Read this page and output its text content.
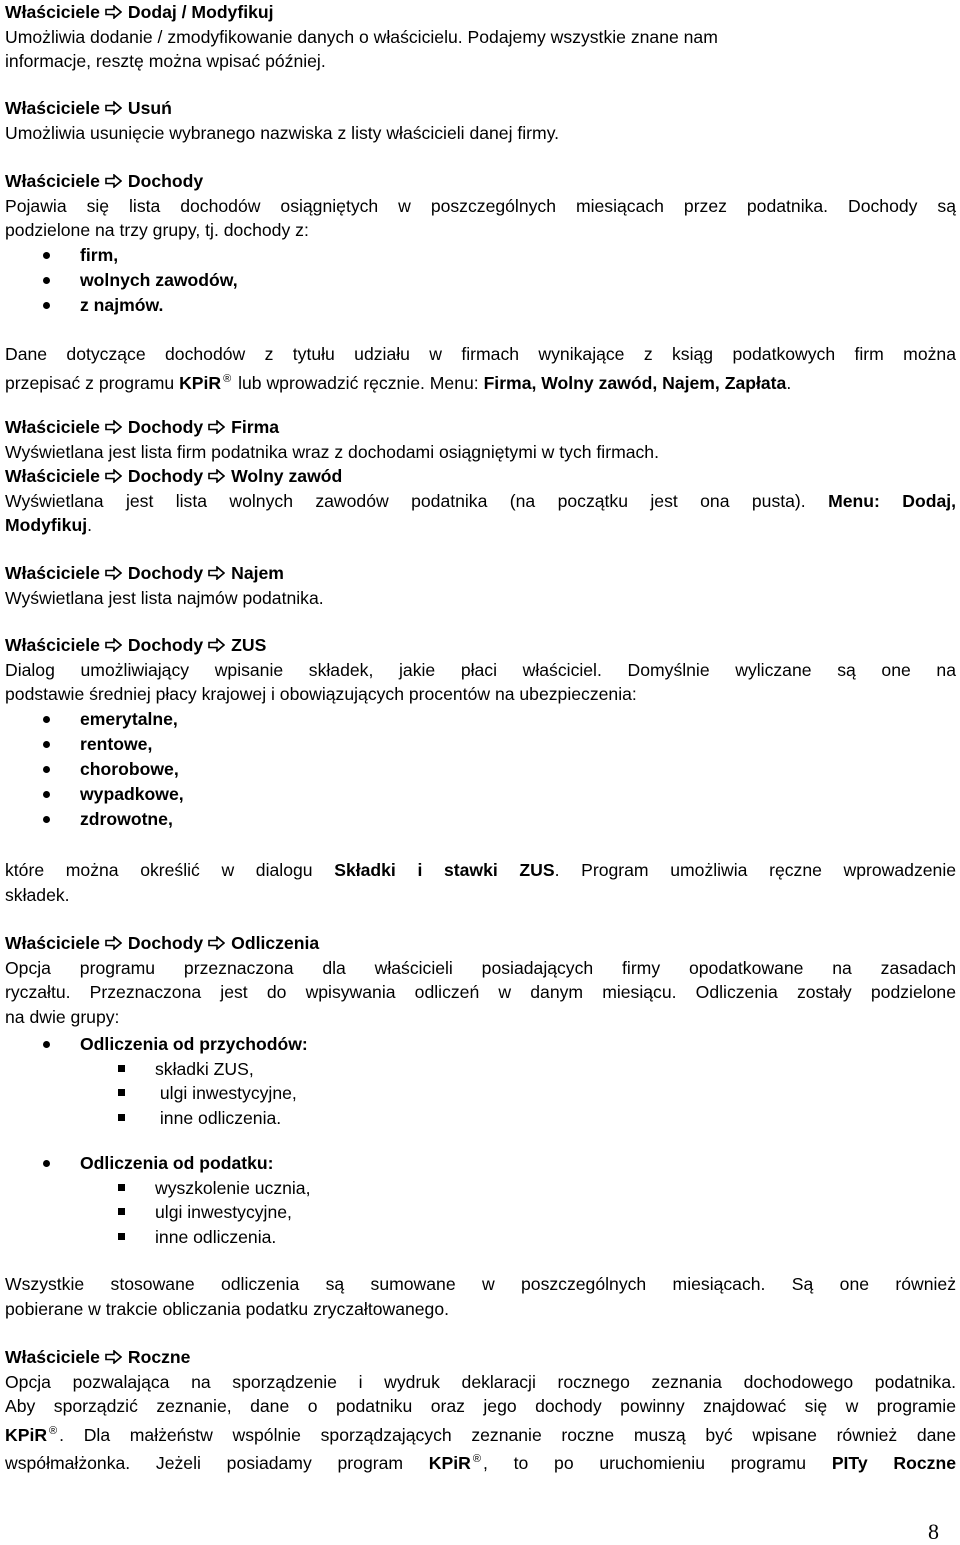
Właściciele Dodaj / Modyfikuj
Umożliwia dodanie / zmodyfikowanie danych o właścicielu. Podajemy wszystkie znane nam
informacje, resztę można wpisać później.
Właściciele Usuń
Umożliwia usunięcie wybranego nazwiska z listy właścicieli danej firmy.
Właściciele Dochody
Pojawia się lista dochodów osiągniętych w poszczególnych miesiącach przez podatnika. Dochody są
podzielone na trzy grupy, tj. dochody z:
firm,
wolnych zawodów,
z najmów.
Dane dotyczące dochodów z tytułu udziału w firmach wynikające z ksiąg podatkowych firm można
przepisać z programu KPiR ® lub wprowadzić ręcznie. Menu: Firma, Wolny zawód, Najem, Zapłata.
Właściciele Dochody Firma
Wyświetlana jest lista firm podatnika wraz z dochodami osiągniętymi w tych firmach.
Właściciele Dochody Wolny zawód
Wyświetlana jest lista wolnych zawodów podatnika (na początku jest ona pusta). Menu: Dodaj,
Modyfikuj.
Właściciele Dochody Najem
Wyświetlana jest lista najmów podatnika.
Właściciele Dochody ZUS
Dialog umożliwiający wpisanie składek, jakie płaci właściciel. Domyślnie wyliczane są one na
podstawie średniej płacy krajowej i obowiązujących procentów na ubezpieczenia:
emerytalne,
rentowe,
chorobowe,
wypadkowe,
zdrowotne,
które można określić w dialogu Składki i stawki ZUS. Program umożliwia ręczne wprowadzenie
składek.
Właściciele Dochody Odliczenia
Opcja programu przeznaczona dla właścicieli posiadających firmy opodatkowane na zasadach
ryczałtu. Przeznaczona jest do wpisywania odliczeń w danym miesiącu. Odliczenia zostały podzielone
na dwie grupy:
Odliczenia od przychodów:
składki ZUS,
ulgi inwestycyjne,
inne odliczenia.
Odliczenia od podatku:
wyszkolenie ucznia,
ulgi inwestycyjne,
inne odliczenia.
Wszystkie stosowane odliczenia są sumowane w poszczególnych miesiącach. Są one również
pobierane w trakcie obliczania podatku zryczałtowanego.
Właściciele Roczne
Opcja pozwalająca na sporządzenie i wydruk deklaracji rocznego zeznania dochodowego podatnika.
Aby sporządzić zeznanie, dane o podatniku oraz jego dochody powinny znajdować się w programie
KPiR ® . Dla małżeństw wspólnie sporządzających zeznanie roczne muszą być wpisane również dane
współmałżonka. Jeżeli posiadamy program KPiR ® , to po uruchomieniu programu PITy Roczne
8
